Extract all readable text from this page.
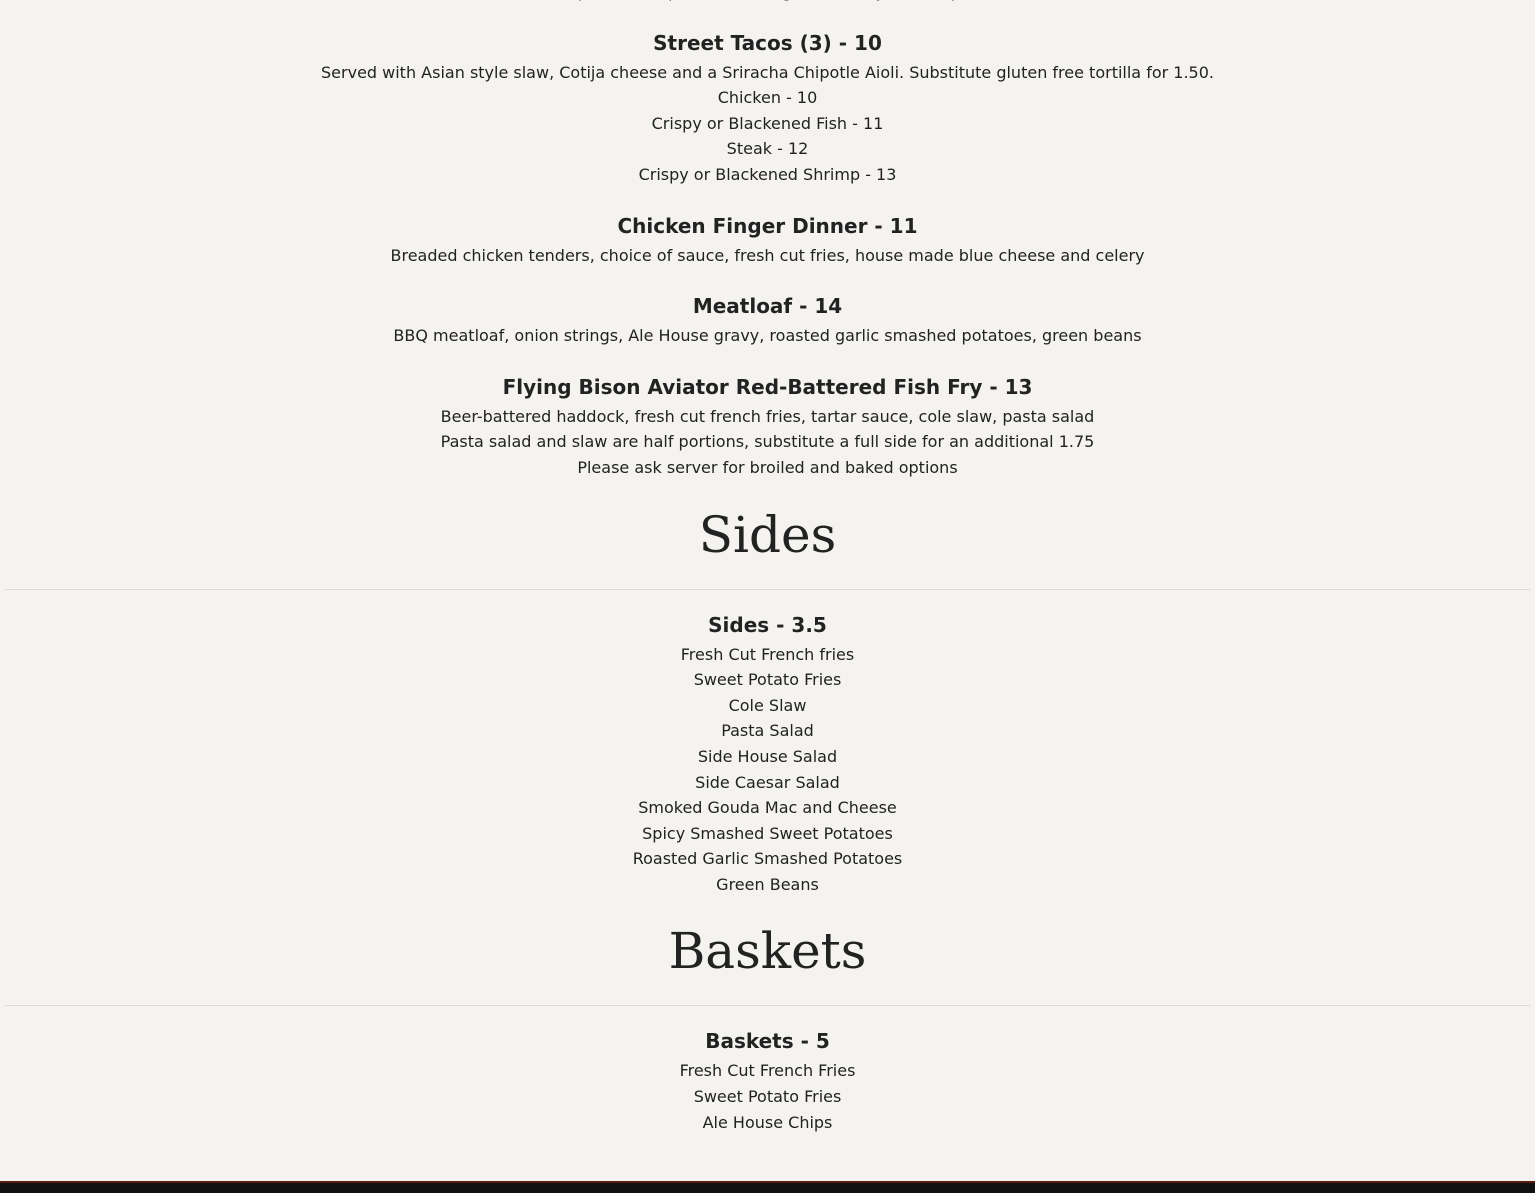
Street Tacos (3) - 10

Served with Asian style slaw, Cotija cheese and a Sriracha Chipotle Aioli. Substitute gluten free tortilla for 1.50.

Chicken - 10

Crispy or Blackened Fish - 11

Steak - 12

Crispy or Blackened Shrimp - 13

Chicken Finger Dinner - 11

Breaded chicken tenders, choice of sauce, fresh cut fries, house made blue cheese and celery

Meatloaf - 14

BBQ meatloaf, onion strings, Ale House gravy, roasted garlic smashed potatoes, green beans

Flying Bison Aviator Red-Battered Fish Fry - 13

Beer-battered haddock, fresh cut french fries, tartar sauce, cole slaw, pasta salad

Pasta salad and slaw are half portions, substitute a full side for an additional 1.75

Please ask server for broiled and baked options

Sides
Sides - 3.5

Fresh Cut French fries

Sweet Potato Fries

Cole Slaw

Pasta Salad

Side House Salad

Side Caesar Salad

Smoked Gouda Mac and Cheese

Spicy Smashed Sweet Potatoes

Roasted Garlic Smashed Potatoes

Green Beans

Baskets
Baskets - 5

Fresh Cut French Fries

Sweet Potato Fries

Ale House Chips
